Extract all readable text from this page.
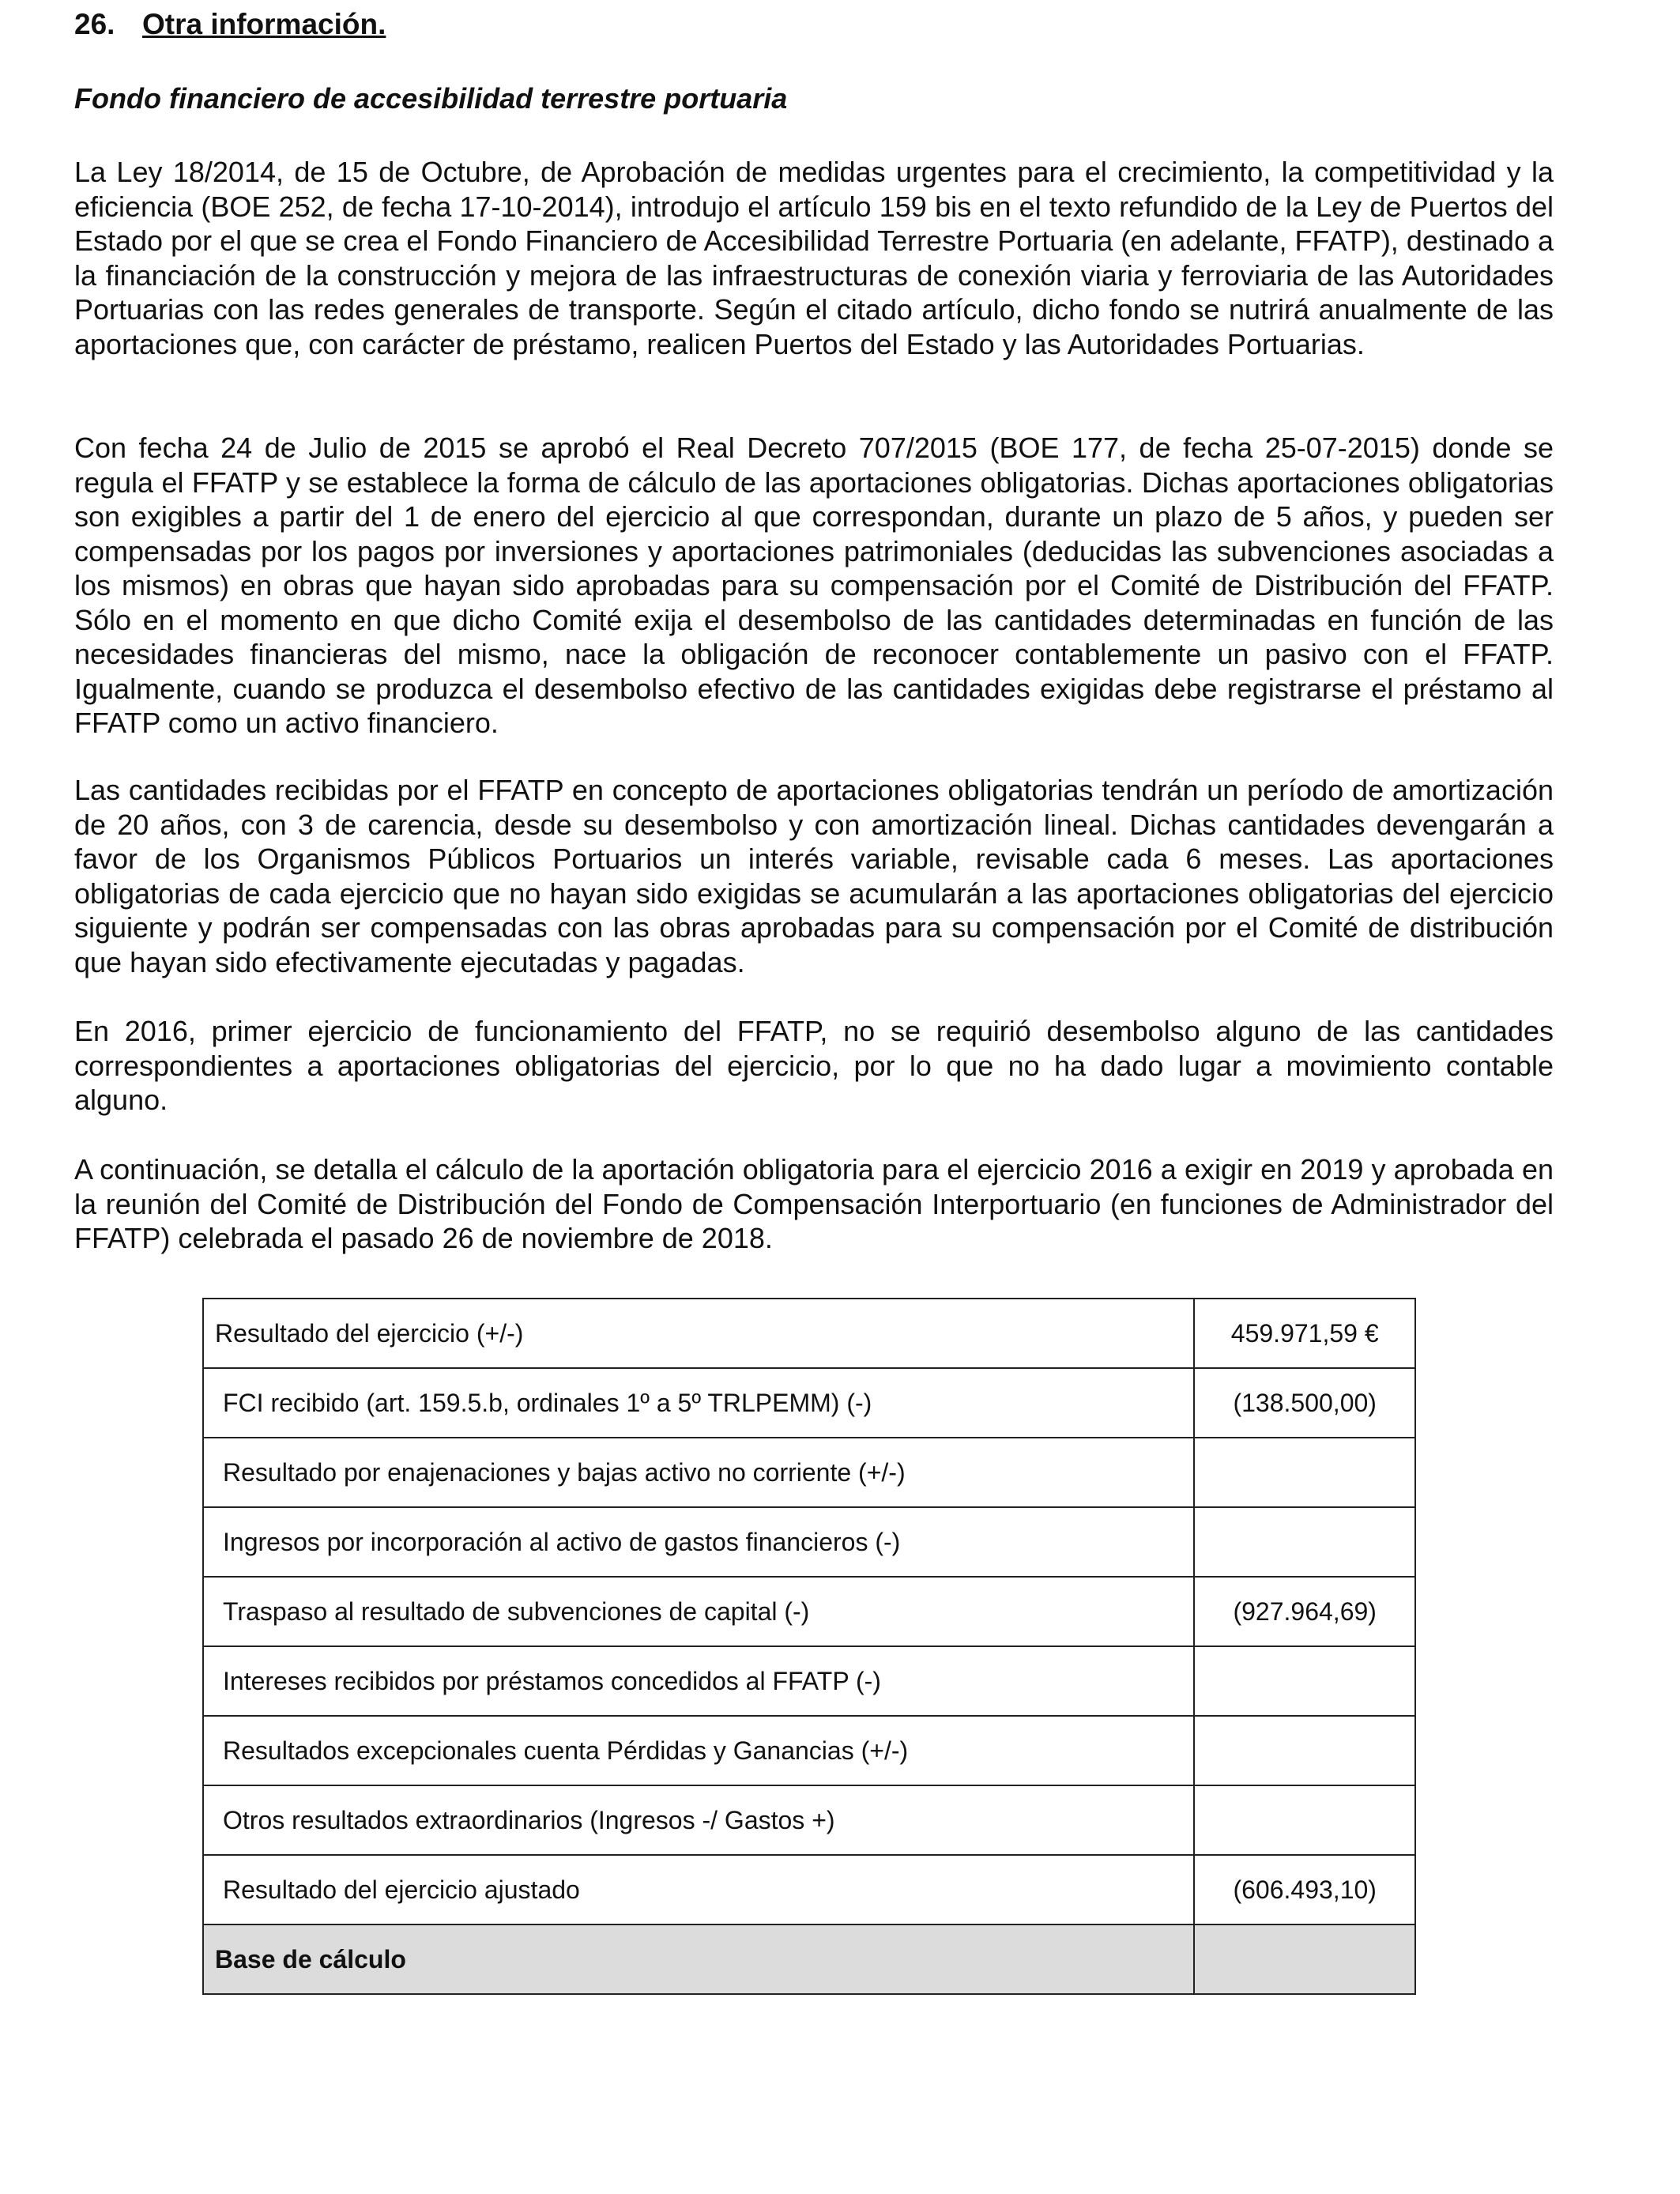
26. Otra información.
Fondo financiero de accesibilidad terrestre portuaria

La Ley 18/2014, de 15 de Octubre, de Aprobación de medidas urgentes para el crecimiento, la competitividad y la eficiencia (BOE 252, de fecha 17-10-2014), introdujo el artículo 159 bis en el texto refundido de la Ley de Puertos del Estado por el que se crea el Fondo Financiero de Accesibilidad Terrestre Portuaria (en adelante, FFATP), destinado a la financiación de la construcción y mejora de las infraestructuras de conexión viaria y ferroviaria de las Autoridades Portuarias con las redes generales de transporte. Según el citado artículo, dicho fondo se nutrirá anualmente de las aportaciones que, con carácter de préstamo, realicen Puertos del Estado y las Autoridades Portuarias.

Con fecha 24 de Julio de 2015 se aprobó el Real Decreto 707/2015 (BOE 177, de fecha 25-07-2015) donde se regula el FFATP y se establece la forma de cálculo de las aportaciones obligatorias. Dichas aportaciones obligatorias son exigibles a partir del 1 de enero del ejercicio al que correspondan, durante un plazo de 5 años, y pueden ser compensadas por los pagos por inversiones y aportaciones patrimoniales (deducidas las subvenciones asociadas a los mismos) en obras que hayan sido aprobadas para su compensación por el Comité de Distribución del FFATP. Sólo en el momento en que dicho Comité exija el desembolso de las cantidades determinadas en función de las necesidades financieras del mismo, nace la obligación de reconocer contablemente un pasivo con el FFATP. Igualmente, cuando se produzca el desembolso efectivo de las cantidades exigidas debe registrarse el préstamo al FFATP como un activo financiero.

Las cantidades recibidas por el FFATP en concepto de aportaciones obligatorias tendrán un período de amortización de 20 años, con 3 de carencia, desde su desembolso y con amortización lineal. Dichas cantidades devengarán a favor de los Organismos Públicos Portuarios un interés variable, revisable cada 6 meses. Las aportaciones obligatorias de cada ejercicio que no hayan sido exigidas se acumularán a las aportaciones obligatorias del ejercicio siguiente y podrán ser compensadas con las obras aprobadas para su compensación por el Comité de distribución que hayan sido efectivamente ejecutadas y pagadas.

En 2016, primer ejercicio de funcionamiento del FFATP, no se requirió desembolso alguno de las cantidades correspondientes a aportaciones obligatorias del ejercicio, por lo que no ha dado lugar a movimiento contable alguno.

A continuación, se detalla el cálculo de la aportación obligatoria para el ejercicio 2016 a exigir en 2019 y aprobada en la reunión del Comité de Distribución del Fondo de Compensación Interportuario (en funciones de Administrador del FFATP) celebrada el pasado 26 de noviembre de 2018.

Resultado del ejercicio (+/-)	459.971,59 €
FCI recibido (art. 159.5.b, ordinales 1º a 5º TRLPEMM) (-)	(138.500,00)
Resultado por enajenaciones y bajas activo no corriente (+/-)	
Ingresos por incorporación al activo de gastos financieros (-)	
Traspaso al resultado de subvenciones de capital (-)	(927.964,69)
Intereses recibidos por préstamos concedidos al FFATP (-)	
Resultados excepcionales cuenta Pérdidas y Ganancias (+/-)	
Otros resultados extraordinarios (Ingresos -/ Gastos +)	
Resultado del ejercicio ajustado	(606.493,10)
Base de cálculo	
